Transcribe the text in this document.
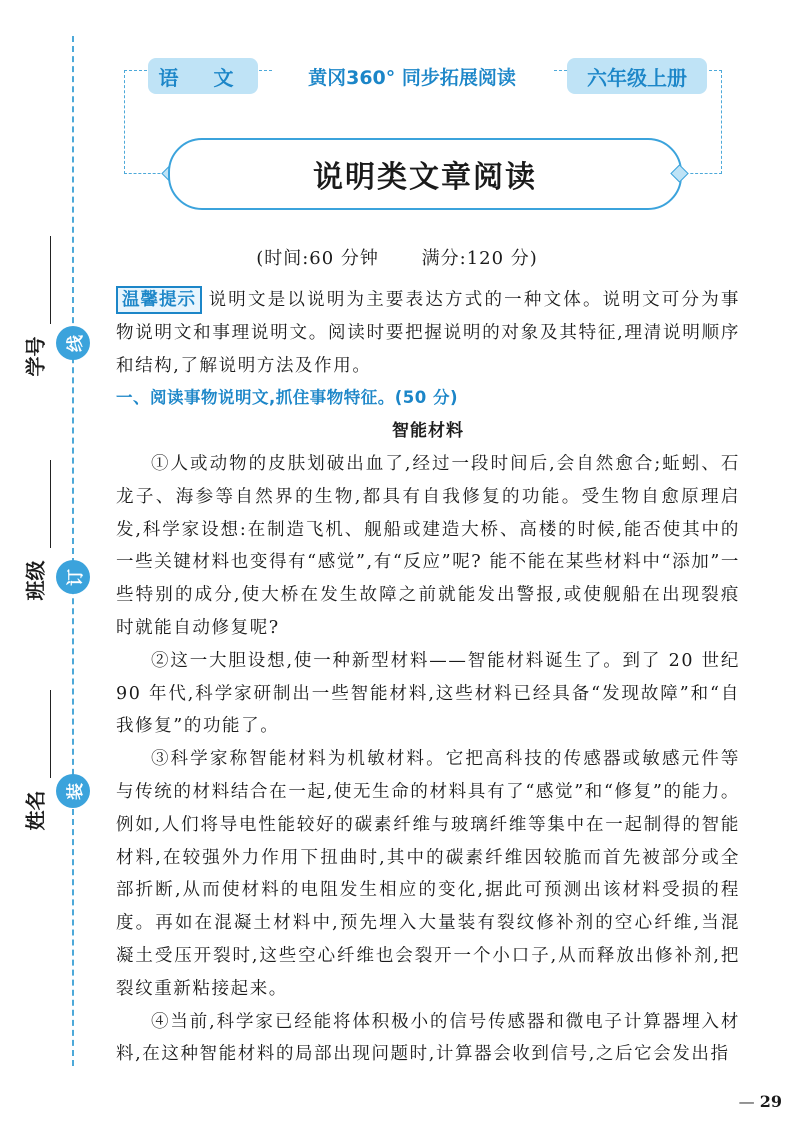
线
订
装
学号
班级
姓名
语 文	黄冈360° 同步拓展阅读	六年级上册
说明类文章阅读
(时间:60 分钟 满分:120 分)
温馨提示 说明文是以说明为主要表达方式的一种文体。说明文可分为事物说明文和事理说明文。阅读时要把握说明的对象及其特征,理清说明顺序和结构,了解说明方法及作用。
一、阅读事物说明文,抓住事物特征。(50 分)
智能材料

①人或动物的皮肤划破出血了,经过一段时间后,会自然愈合;蚯蚓、石龙子、海参等自然界的生物,都具有自我修复的功能。受生物自愈原理启发,科学家设想:在制造飞机、舰船或建造大桥、高楼的时候,能否使其中的一些关键材料也变得有“感觉”,有“反应”呢? 能不能在某些材料中“添加”一些特别的成分,使大桥在发生故障之前就能发出警报,或使舰船在出现裂痕时就能自动修复呢?

②这一大胆设想,使一种新型材料——智能材料诞生了。到了 20 世纪 90 年代,科学家研制出一些智能材料,这些材料已经具备“发现故障”和“自我修复”的功能了。

③科学家称智能材料为机敏材料。它把高科技的传感器或敏感元件等与传统的材料结合在一起,使无生命的材料具有了“感觉”和“修复”的能力。例如,人们将导电性能较好的碳素纤维与玻璃纤维等集中在一起制得的智能材料,在较强外力作用下扭曲时,其中的碳素纤维因较脆而首先被部分或全部折断,从而使材料的电阻发生相应的变化,据此可预测出该材料受损的程度。再如在混凝土材料中,预先埋入大量装有裂纹修补剂的空心纤维,当混凝土受压开裂时,这些空心纤维也会裂开一个小口子,从而释放出修补剂,把裂纹重新粘接起来。

④当前,科学家已经能将体积极小的信号传感器和微电子计算器埋入材料,在这种智能材料的局部出现问题时,计算器会收到信号,之后它会发出指

— 29
